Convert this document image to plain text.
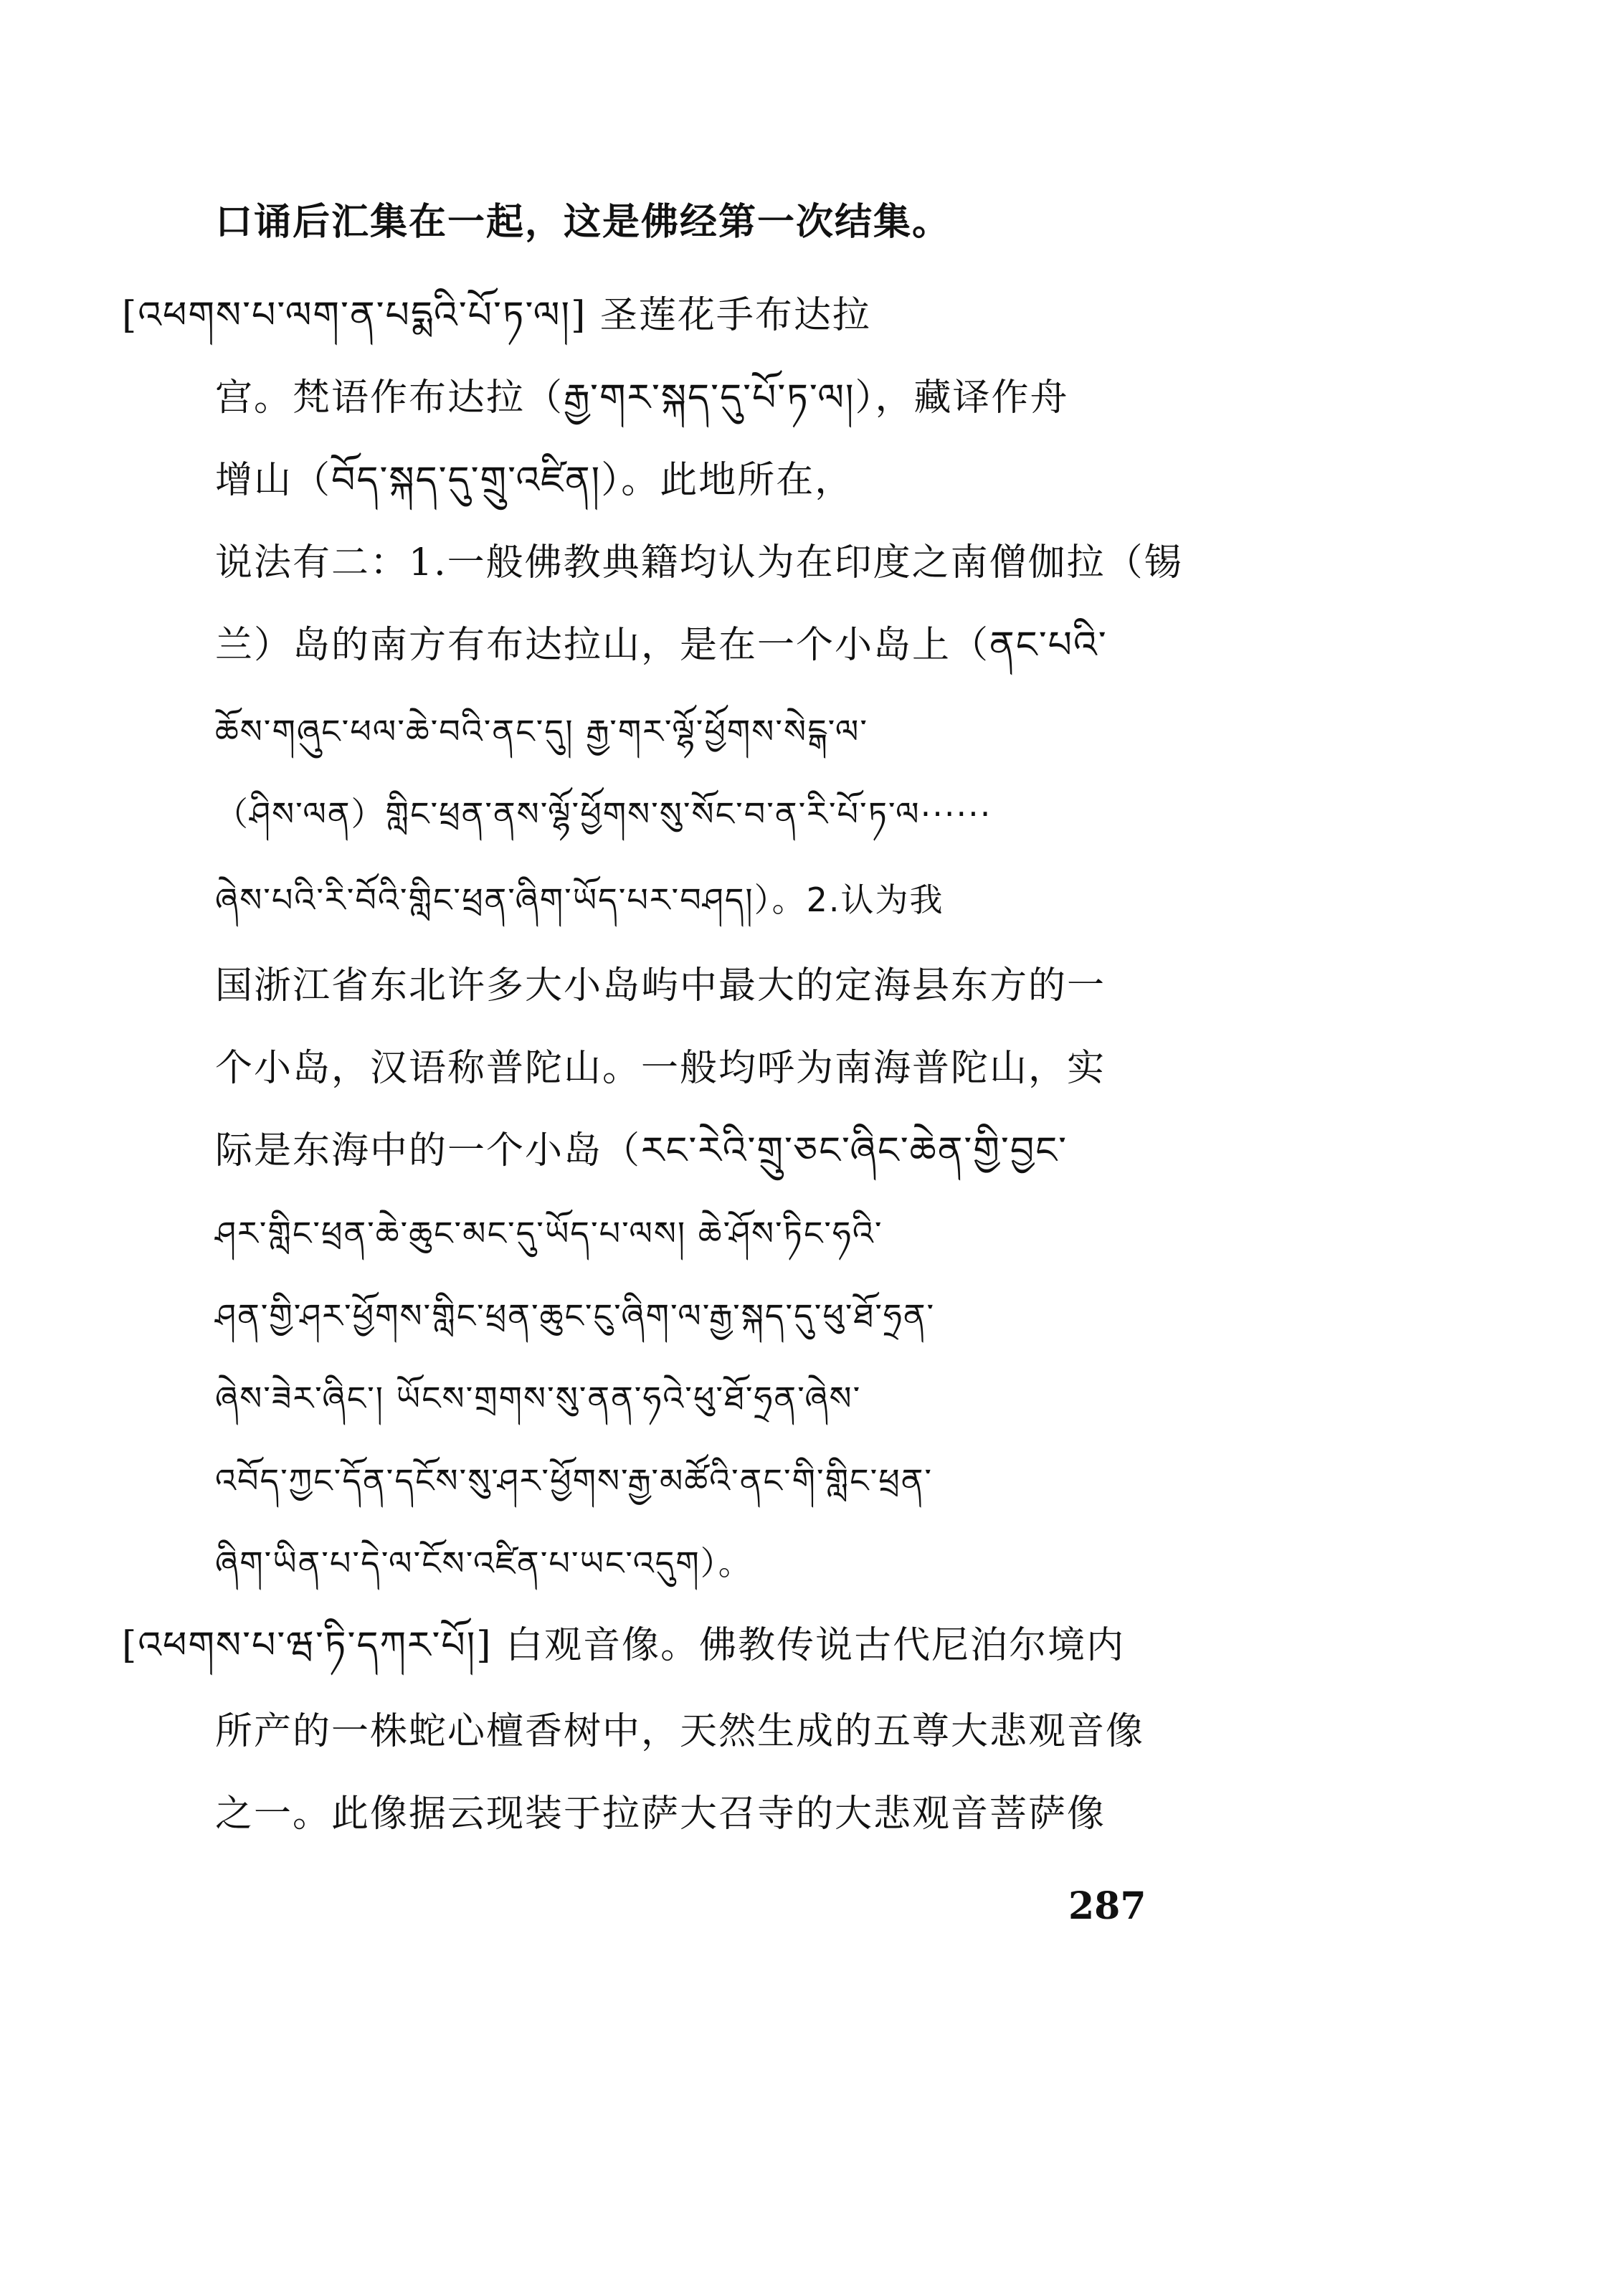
口诵后汇集在一起，这是佛经第一次结集。
[འཕགས་པ་ལག་ན་པདྨའི་པོ་ཏ་ལ།] 圣莲花手布达拉
宫。梵语作布达拉（རྒྱ་གར་སྐད་དུ་པོ་ཏ་ལ།），藏译作舟
增山（བོད་སྐད་དུ་གྲུ་འཛིན།）。此地所在，
说法有二：1.一般佛教典籍均认为在印度之南僧伽拉（锡
兰）岛的南方有布达拉山，是在一个小岛上（ནང་པའི་
ཆོས་གཞུང་ཕལ་ཆེ་བའི་ནང་དུ། རྒྱ་གར་ལྷོ་ཕྱོགས་སེངྒ་ལ་
（ཤིས་ལན）གླིང་ཕྲན་ནས་ལྷོ་ཕྱོགས་སུ་སོང་བ་ན་རི་པོ་ཏ་ལ······
ཞེས་པའི་རི་བོའི་གླིང་ཕྲན་ཞིག་ཡོད་པར་བཤད།）。2.认为我
国浙江省东北许多大小岛屿中最大的定海县东方的一
个小岛，汉语称普陀山。一般均呼为南海普陀山，实
际是东海中的一个小岛（རང་རེའི་གྲུ་ཅང་ཞིང་ཆེན་གྱི་བྱང་
ཤར་གླིང་ཕྲན་ཆེ་ཆུང་མང་དུ་ཡོད་པ་ལས། ཆེ་ཤོས་ཏིང་ཧའི་
ཤན་གྱི་ཤར་ཕྱོགས་གླིང་ཕྲན་ཆུང་ངུ་ཞིག་ལ་རྒྱ་སྐད་དུ་ཕུ་ཐོ་ཧྲན་
ཞེས་ཟེར་ཞིང་། ཡོངས་གྲགས་སུ་ནན་ཧའེ་ཕུ་ཐོ་ཧྲན་ཞེས་
འབོད་ཀྱང་དོན་དངོས་སུ་ཤར་ཕྱོགས་རྒྱ་མཚོའི་ནང་གི་གླིང་ཕྲན་
ཞིག་ཡིན་པ་དེ་ལ་ངོས་འཛིན་པ་ཡང་འདུག）。
[འཕགས་པ་ཝ་ཏི་དཀར་པོ།] 白观音像。佛教传说古代尼泊尔境内
所产的一株蛇心檀香树中，天然生成的五尊大悲观音像
之一。此像据云现装于拉萨大召寺的大悲观音菩萨像
287
